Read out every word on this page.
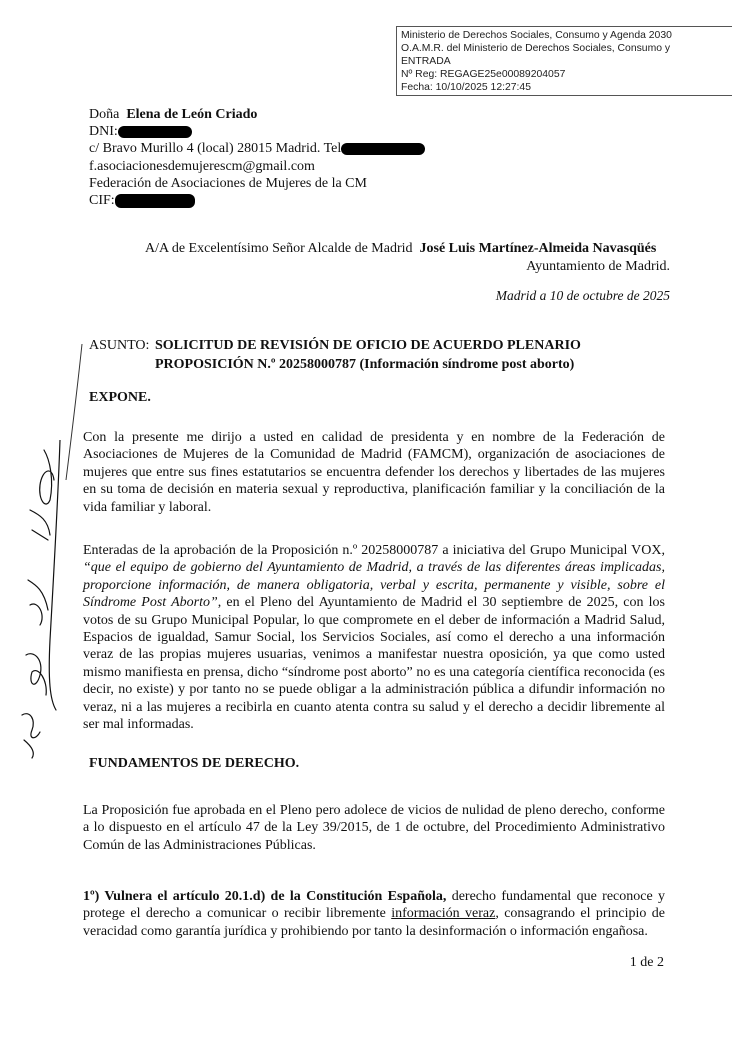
Ministerio de Derechos Sociales, Consumo y Agenda 2030
O.A.M.R. del Ministerio de Derechos Sociales, Consumo y
ENTRADA
Nº Reg: REGAGE25e00089204057
Fecha: 10/10/2025 12:27:45
Doña Elena de León Criado
DNI:
c/ Bravo Murillo 4 (local) 28015 Madrid. Tel
f.asociacionesdemujerescm@gmail.com
Federación de Asociaciones de Mujeres de la CM
CIF:
A/A de Excelentísimo Señor Alcalde de Madrid José Luis Martínez-Almeida Navasqüés
Ayuntamiento de Madrid.
Madrid a 10 de octubre de 2025
ASUNTO: SOLICITUD DE REVISIÓN DE OFICIO DE ACUERDO PLENARIO
PROPOSICIÓN N.º 20258000787 (Información síndrome post aborto)
EXPONE.
Con la presente me dirijo a usted en calidad de presidenta y en nombre de la Federación de Asociaciones de Mujeres de la Comunidad de Madrid (FAMCM), organización de asociaciones de mujeres que entre sus fines estatutarios se encuentra defender los derechos y libertades de las mujeres en su toma de decisión en materia sexual y reproductiva, planificación familiar y la conciliación de la vida familiar y laboral.
Enteradas de la aprobación de la Proposición n.º 20258000787 a iniciativa del Grupo Municipal VOX, “que el equipo de gobierno del Ayuntamiento de Madrid, a través de las diferentes áreas implicadas, proporcione información, de manera obligatoria, verbal y escrita, permanente y visible, sobre el Síndrome Post Aborto”, en el Pleno del Ayuntamiento de Madrid el 30 septiembre de 2025, con los votos de su Grupo Municipal Popular, lo que compromete en el deber de información a Madrid Salud, Espacios de igualdad, Samur Social, los Servicios Sociales, así como el derecho a una información veraz de las propias mujeres usuarias, venimos a manifestar nuestra oposición, ya que como usted mismo manifiesta en prensa, dicho “síndrome post aborto” no es una categoría científica reconocida (es decir, no existe) y por tanto no se puede obligar a la administración pública a difundir información no veraz, ni a las mujeres a recibirla en cuanto atenta contra su salud y el derecho a decidir libremente al ser mal informadas.
FUNDAMENTOS DE DERECHO.
La Proposición fue aprobada en el Pleno pero adolece de vicios de nulidad de pleno derecho, conforme a lo dispuesto en el artículo 47 de la Ley 39/2015, de 1 de octubre, del Procedimiento Administrativo Común de las Administraciones Públicas.
1º) Vulnera el artículo 20.1.d) de la Constitución Española, derecho fundamental que reconoce y protege el derecho a comunicar o recibir libremente información veraz, consagrando el principio de veracidad como garantía jurídica y prohibiendo por tanto la desinformación o información engañosa.
1 de 2
